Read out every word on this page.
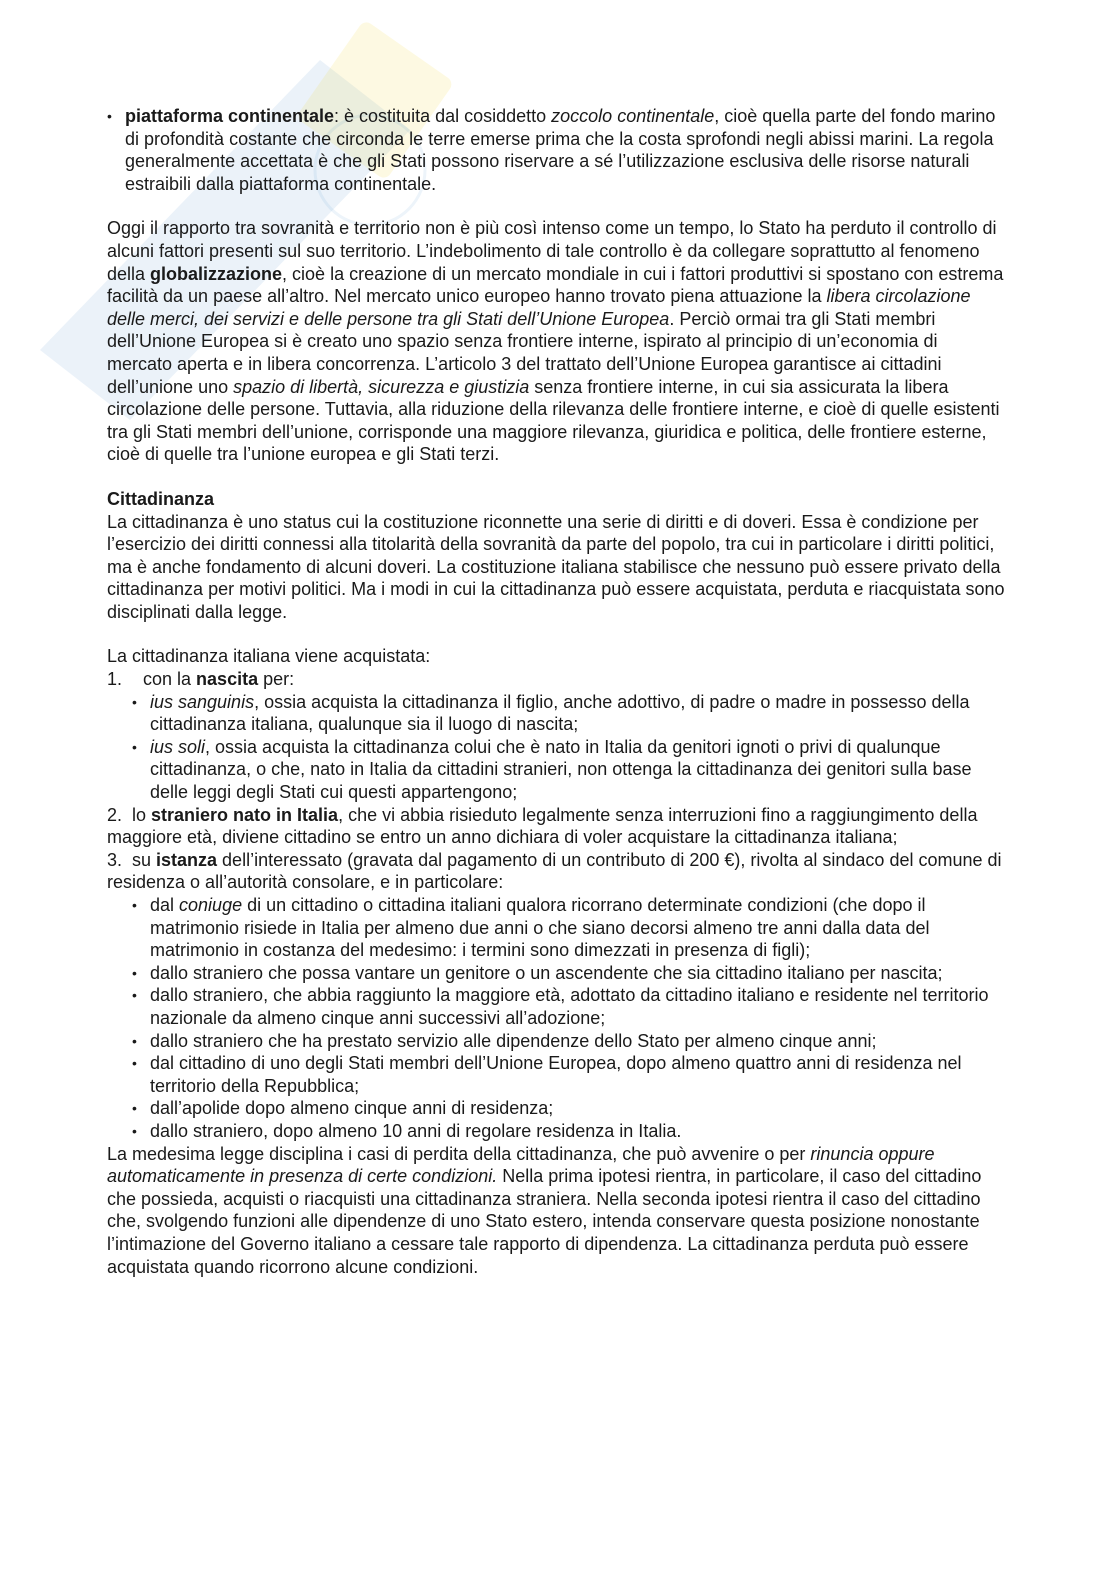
• piattaforma continentale: è costituita dal cosiddetto zoccolo continentale, cioè quella parte del fondo marino di profondità costante che circonda le terre emerse prima che la costa sprofondi negli abissi marini. La regola generalmente accettata è che gli Stati possono riservare a sé l’utilizzazione esclusiva delle risorse naturali estraibili dalla piattaforma continentale.

Oggi il rapporto tra sovranità e territorio non è più così intenso come un tempo, lo Stato ha perduto il controllo di alcuni fattori presenti sul suo territorio. L’indebolimento di tale controllo è da collegare soprattutto al fenomeno della globalizzazione, cioè la creazione di un mercato mondiale in cui i fattori produttivi si spostano con estrema facilità da un paese all’altro. Nel mercato unico europeo hanno trovato piena attuazione la libera circolazione delle merci, dei servizi e delle persone tra gli Stati dell’Unione Europea. Perciò ormai tra gli Stati membri dell’Unione Europea si è creato uno spazio senza frontiere interne, ispirato al principio di un’economia di mercato aperta e in libera concorrenza. L’articolo 3 del trattato dell’Unione Europea garantisce ai cittadini dell’unione uno spazio di libertà, sicurezza e giustizia senza frontiere interne, in cui sia assicurata la libera circolazione delle persone. Tuttavia, alla riduzione della rilevanza delle frontiere interne, e cioè di quelle esistenti tra gli Stati membri dell’unione, corrisponde una maggiore rilevanza, giuridica e politica, delle frontiere esterne, cioè di quelle tra l’unione europea e gli Stati terzi.

Cittadinanza

La cittadinanza è uno status cui la costituzione riconnette una serie di diritti e di doveri. Essa è condizione per l’esercizio dei diritti connessi alla titolarità della sovranità da parte del popolo, tra cui in particolare i diritti politici, ma è anche fondamento di alcuni doveri. La costituzione italiana stabilisce che nessuno può essere privato della cittadinanza per motivi politici. Ma i modi in cui la cittadinanza può essere acquistata, perduta e riacquistata sono disciplinati dalla legge.

La cittadinanza italiana viene acquistata:

1. con la nascita per:
• ius sanguinis, ossia acquista la cittadinanza il figlio, anche adottivo, di padre o madre in possesso della cittadinanza italiana, qualunque sia il luogo di nascita;
• ius soli, ossia acquista la cittadinanza colui che è nato in Italia da genitori ignoti o privi di qualunque cittadinanza, o che, nato in Italia da cittadini stranieri, non ottenga la cittadinanza dei genitori sulla base delle leggi degli Stati cui questi appartengono;
2. lo straniero nato in Italia, che vi abbia risieduto legalmente senza interruzioni fino a raggiungimento della maggiore età, diviene cittadino se entro un anno dichiara di voler acquistare la cittadinanza italiana;
3. su istanza dell’interessato (gravata dal pagamento di un contributo di 200 €), rivolta al sindaco del comune di residenza o all’autorità consolare, e in particolare:
• dal coniuge di un cittadino o cittadina italiani qualora ricorrano determinate condizioni (che dopo il matrimonio risiede in Italia per almeno due anni o che siano decorsi almeno tre anni dalla data del matrimonio in costanza del medesimo: i termini sono dimezzati in presenza di figli);
• dallo straniero che possa vantare un genitore o un ascendente che sia cittadino italiano per nascita;
• dallo straniero, che abbia raggiunto la maggiore età, adottato da cittadino italiano e residente nel territorio nazionale da almeno cinque anni successivi all’adozione;
• dallo straniero che ha prestato servizio alle dipendenze dello Stato per almeno cinque anni;
• dal cittadino di uno degli Stati membri dell’Unione Europea, dopo almeno quattro anni di residenza nel territorio della Repubblica;
• dall’apolide dopo almeno cinque anni di residenza;
• dallo straniero, dopo almeno 10 anni di regolare residenza in Italia.

La medesima legge disciplina i casi di perdita della cittadinanza, che può avvenire o per rinuncia oppure automaticamente in presenza di certe condizioni. Nella prima ipotesi rientra, in particolare, il caso del cittadino che possieda, acquisti o riacquisti una cittadinanza straniera. Nella seconda ipotesi rientra il caso del cittadino che, svolgendo funzioni alle dipendenze di uno Stato estero, intenda conservare questa posizione nonostante l’intimazione del Governo italiano a cessare tale rapporto di dipendenza. La cittadinanza perduta può essere acquistata quando ricorrono alcune condizioni.
